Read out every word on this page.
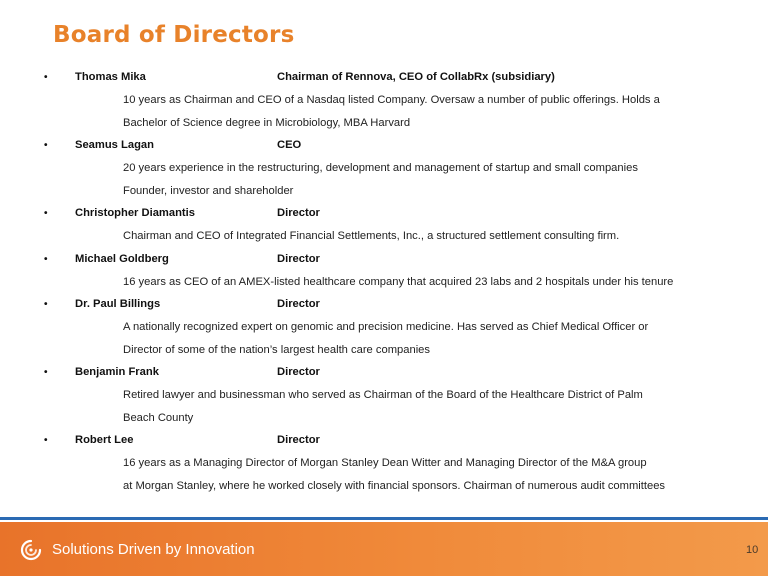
Board of Directors
• Thomas Mika	Chairman of Rennova, CEO of CollabRx (subsidiary)
10 years as Chairman and CEO of a Nasdaq listed Company. Oversaw a number of public offerings. Holds a
Bachelor of Science degree in Microbiology, MBA Harvard
• Seamus Lagan	CEO
20 years experience in the restructuring, development and management of startup and small companies
Founder, investor and shareholder
• Christopher Diamantis	Director
Chairman and CEO of Integrated Financial Settlements, Inc., a structured settlement consulting firm.
• Michael Goldberg	Director
16 years as CEO of an AMEX-listed healthcare company that acquired 23 labs and 2 hospitals under his tenure
• Dr. Paul Billings	Director
A nationally recognized expert on genomic and precision medicine. Has served as Chief Medical Officer or
Director of some of the nation’s largest health care companies
• Benjamin Frank	Director
Retired lawyer and businessman who served as Chairman of the Board of the Healthcare District of Palm
Beach County
• Robert Lee	Director
16 years as a Managing Director of Morgan Stanley Dean Witter and Managing Director of the M&A group
at Morgan Stanley, where he worked closely with financial sponsors. Chairman of numerous audit committees
Solutions Driven by Innovation	10
